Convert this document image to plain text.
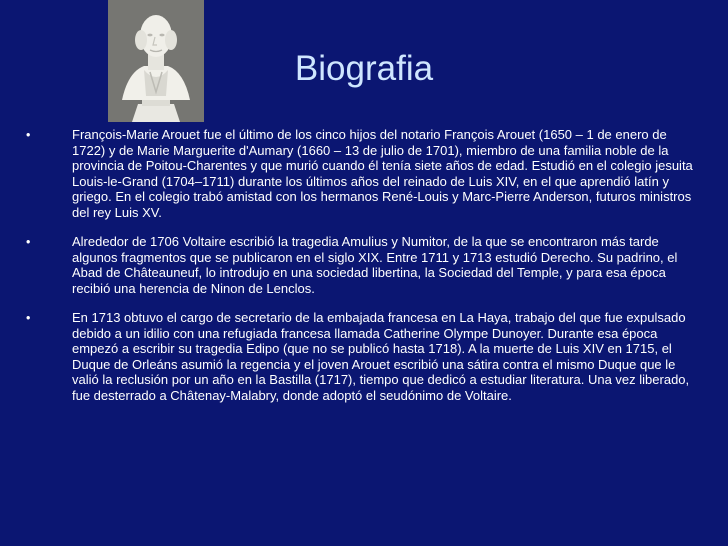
Biografia
•	François-Marie Arouet fue el último de los cinco hijos del notario François Arouet (1650 – 1 de enero de 1722) y de Marie Marguerite d'Aumary (1660 – 13 de julio de 1701), miembro de una familia noble de la provincia de Poitou-Charentes y que murió cuando él tenía siete años de edad. Estudió en el colegio jesuita Louis-le-Grand (1704–1711) durante los últimos años del reinado de Luis XIV, en el que aprendió latín y griego. En el colegio trabó amistad con los hermanos René-Louis y Marc-Pierre Anderson, futuros ministros del rey Luis XV.
•	Alrededor de 1706 Voltaire escribió la tragedia Amulius y Numitor, de la que se encontraron más tarde algunos fragmentos que se publicaron en el siglo XIX. Entre 1711 y 1713 estudió Derecho. Su padrino, el Abad de Châteauneuf, lo introdujo en una sociedad libertina, la Sociedad del Temple, y para esa época recibió una herencia de Ninon de Lenclos.
•	En 1713 obtuvo el cargo de secretario de la embajada francesa en La Haya, trabajo del que fue expulsado debido a un idilio con una refugiada francesa llamada Catherine Olympe Dunoyer. Durante esa época empezó a escribir su tragedia Edipo (que no se publicó hasta 1718). A la muerte de Luis XIV en 1715, el Duque de Orleáns asumió la regencia y el joven Arouet escribió una sátira contra el mismo Duque que le valió la reclusión por un año en la Bastilla (1717), tiempo que dedicó a estudiar literatura. Una vez liberado, fue desterrado a Châtenay-Malabry, donde adoptó el seudónimo de Voltaire.
